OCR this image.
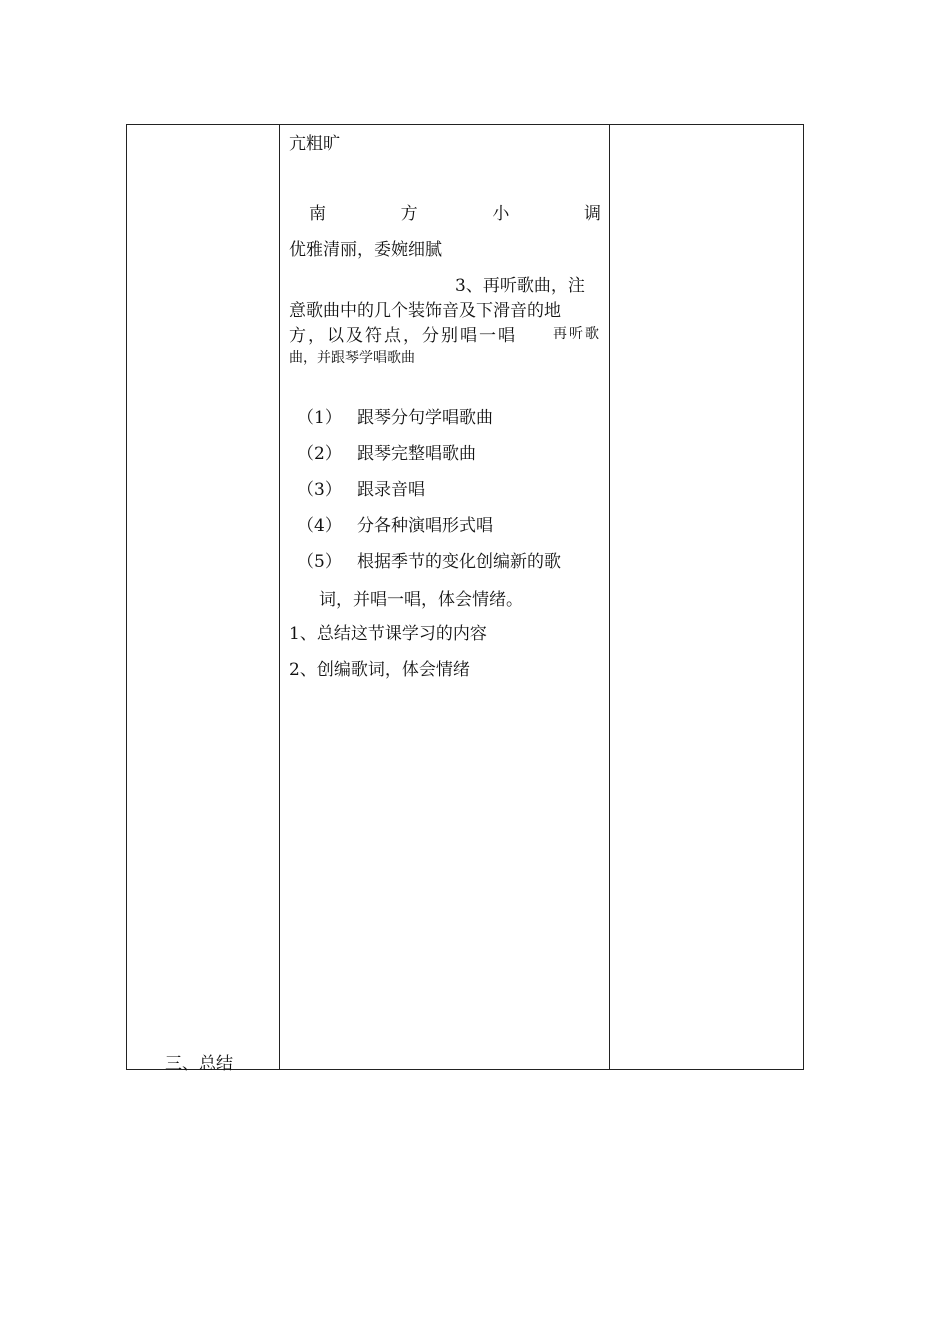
三、总结
亢粗旷
南	方	小	调
优雅清丽，委婉细腻
3、再听歌曲，注
意歌曲中的几个装饰音及下滑音的地
方，以及符点，分别唱一唱	再听歌
曲，并跟琴学唱歌曲
（1） 跟琴分句学唱歌曲
（2） 跟琴完整唱歌曲
（3） 跟录音唱
（4） 分各种演唱形式唱
（5） 根据季节的变化创编新的歌
词，并唱一唱，体会情绪。
1、总结这节课学习的内容
2、创编歌词，体会情绪
